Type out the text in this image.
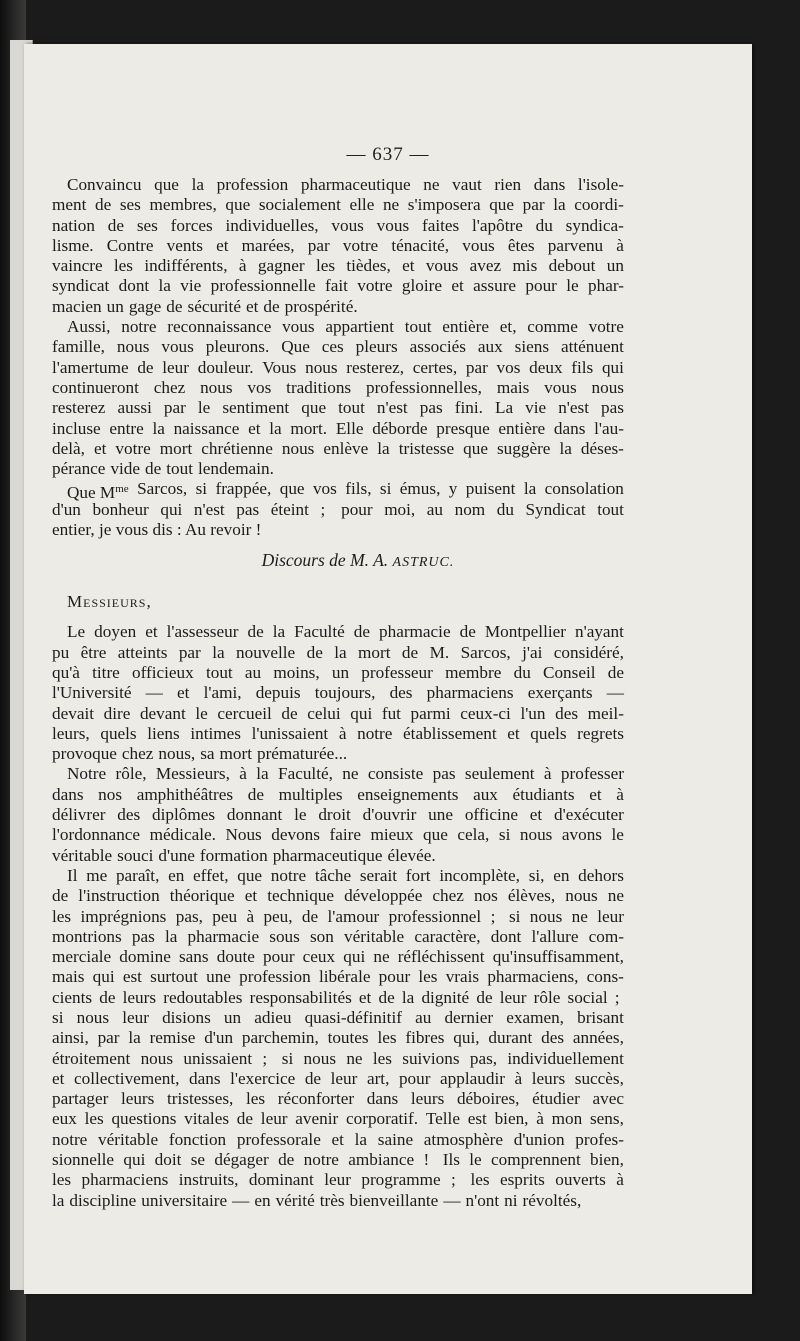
— 637 —
Convaincu que la profession pharmaceutique ne vaut rien dans l'isole-
ment de ses membres, que socialement elle ne s'imposera que par la coordi-
nation de ses forces individuelles, vous vous faites l'apôtre du syndica-
lisme. Contre vents et marées, par votre ténacité, vous êtes parvenu à
vaincre les indifférents, à gagner les tièdes, et vous avez mis debout un
syndicat dont la vie professionnelle fait votre gloire et assure pour le phar-
macien un gage de sécurité et de prospérité.
Aussi, notre reconnaissance vous appartient tout entière et, comme votre
famille, nous vous pleurons. Que ces pleurs associés aux siens atténuent
l'amertume de leur douleur. Vous nous resterez, certes, par vos deux fils qui
continueront chez nous vos traditions professionnelles, mais vous nous
resterez aussi par le sentiment que tout n'est pas fini. La vie n'est pas
incluse entre la naissance et la mort. Elle déborde presque entière dans l'au-
delà, et votre mort chrétienne nous enlève la tristesse que suggère la déses-
pérance vide de tout lendemain.
Que $M^{me}$ Sarcos, si frappée, que vos fils, si émus, y puisent la consolation
d'un bonheur qui n'est pas éteint ; pour moi, au nom du Syndicat tout
entier, je vous dis : Au revoir !
Discours de M. A. ASTRUC.
Messieurs,
Le doyen et l'assesseur de la Faculté de pharmacie de Montpellier n'ayant
pu être atteints par la nouvelle de la mort de M. Sarcos, j'ai considéré,
qu'à titre officieux tout au moins, un professeur membre du Conseil de
l'Université — et l'ami, depuis toujours, des pharmaciens exerçants —
devait dire devant le cercueil de celui qui fut parmi ceux-ci l'un des meil-
leurs, quels liens intimes l'unissaient à notre établissement et quels regrets
provoque chez nous, sa mort prématurée...
Notre rôle, Messieurs, à la Faculté, ne consiste pas seulement à professer
dans nos amphithéâtres de multiples enseignements aux étudiants et à
délivrer des diplômes donnant le droit d'ouvrir une officine et d'exécuter
l'ordonnance médicale. Nous devons faire mieux que cela, si nous avons le
véritable souci d'une formation pharmaceutique élevée.
Il me paraît, en effet, que notre tâche serait fort incomplète, si, en dehors
de l'instruction théorique et technique développée chez nos élèves, nous ne
les imprégnions pas, peu à peu, de l'amour professionnel ; si nous ne leur
montrions pas la pharmacie sous son véritable caractère, dont l'allure com-
merciale domine sans doute pour ceux qui ne réfléchissent qu'insuffisamment,
mais qui est surtout une profession libérale pour les vrais pharmaciens, cons-
cients de leurs redoutables responsabilités et de la dignité de leur rôle social ;
si nous leur disions un adieu quasi-définitif au dernier examen, brisant
ainsi, par la remise d'un parchemin, toutes les fibres qui, durant des années,
étroitement nous unissaient ; si nous ne les suivions pas, individuellement
et collectivement, dans l'exercice de leur art, pour applaudir à leurs succès,
partager leurs tristesses, les réconforter dans leurs déboires, étudier avec
eux les questions vitales de leur avenir corporatif. Telle est bien, à mon sens,
notre véritable fonction professorale et la saine atmosphère d'union profes-
sionnelle qui doit se dégager de notre ambiance ! Ils le comprennent bien,
les pharmaciens instruits, dominant leur programme ; les esprits ouverts à
la discipline universitaire — en vérité très bienveillante — n'ont ni révoltés,
